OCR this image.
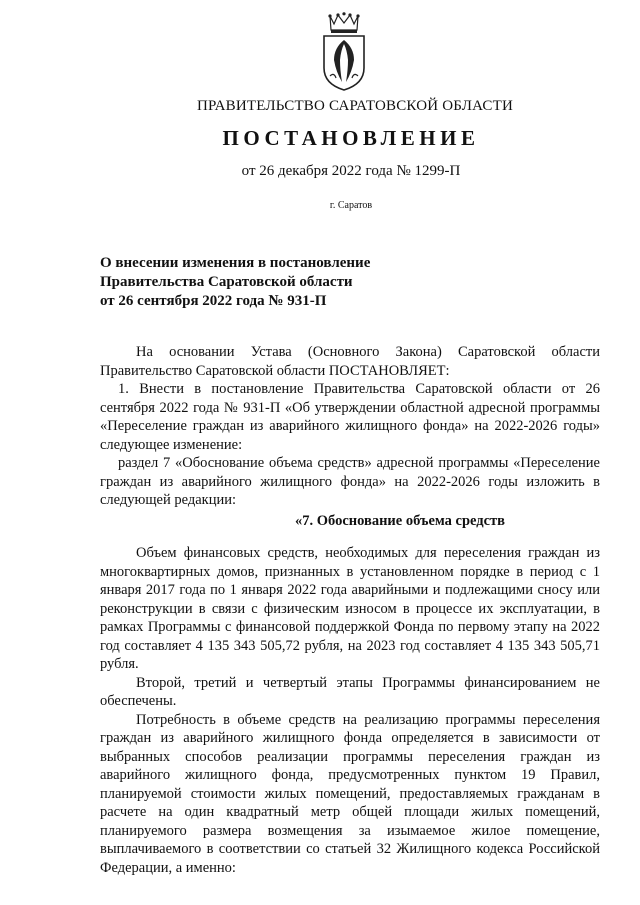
ПРАВИТЕЛЬСТВО САРАТОВСКОЙ ОБЛАСТИ
ПОСТАНОВЛЕНИЕ
от 26 декабря 2022 года № 1299-П
г. Саратов
О внесении изменения в постановление
Правительства Саратовской области
от 26 сентября 2022 года № 931-П

На основании Устава (Основного Закона) Саратовской области Правительство Саратовской области ПОСТАНОВЛЯЕТ:

1. Внести в постановление Правительства Саратовской области от 26 сентября 2022 года № 931-П «Об утверждении областной адресной программы «Переселение граждан из аварийного жилищного фонда» на 2022-2026 годы» следующее изменение:

раздел 7 «Обоснование объема средств» адресной программы «Переселение граждан из аварийного жилищного фонда» на 2022-2026 годы изложить в следующей редакции:

«7. Обоснование объема средств

Объем финансовых средств, необходимых для переселения граждан из многоквартирных домов, признанных в установленном порядке в период с 1 января 2017 года по 1 января 2022 года аварийными и подлежащими сносу или реконструкции в связи с физическим износом в процессе их эксплуатации, в рамках Программы с финансовой поддержкой Фонда по первому этапу на 2022 год составляет 4 135 343 505,72 рубля, на 2023 год составляет 4 135 343 505,71 рубля.

Второй, третий и четвертый этапы Программы финансированием не обеспечены.

Потребность в объеме средств на реализацию программы переселения граждан из аварийного жилищного фонда определяется в зависимости от выбранных способов реализации программы переселения граждан из аварийного жилищного фонда, предусмотренных пунктом 19 Правил, планируемой стоимости жилых помещений, предоставляемых гражданам в расчете на один квадратный метр общей площади жилых помещений, планируемого размера возмещения за изымаемое жилое помещение, выплачиваемого в соответствии со статьей 32 Жилищного кодекса Российской Федерации, а именно:
